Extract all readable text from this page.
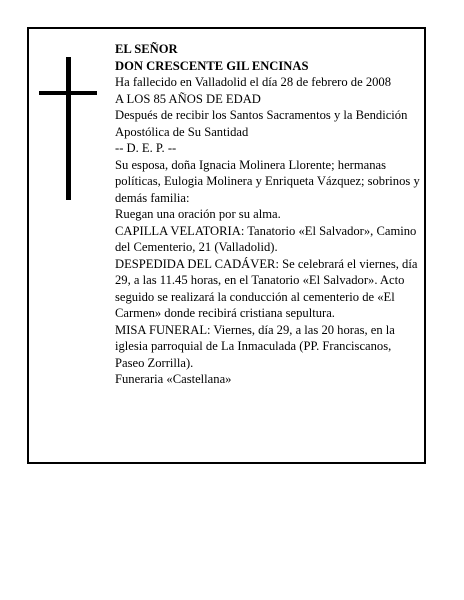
EL SEÑOR

DON CRESCENTE GIL ENCINAS

Ha fallecido en Valladolid el día 28 de febrero de 2008

A LOS 85 AÑOS DE EDAD

Después de recibir los Santos Sacramentos y la Bendición Apostólica de Su Santidad

-- D. E. P. --

Su esposa, doña Ignacia Molinera Llorente; hermanas políticas, Eulogia Molinera y Enriqueta Vázquez; sobrinos y demás familia:

Ruegan una oración por su alma.

CAPILLA VELATORIA: Tanatorio «El Salvador», Camino del Cementerio, 21 (Valladolid).

DESPEDIDA DEL CADÁVER: Se celebrará el viernes, día 29, a las 11.45 horas, en el Tanatorio «El Salvador». Acto seguido se realizará la conducción al cementerio de «El Carmen» donde recibirá cristiana sepultura.

MISA FUNERAL: Viernes, día 29, a las 20 horas, en la iglesia parroquial de La Inmaculada (PP. Franciscanos, Paseo Zorrilla).

Funeraria «Castellana»
